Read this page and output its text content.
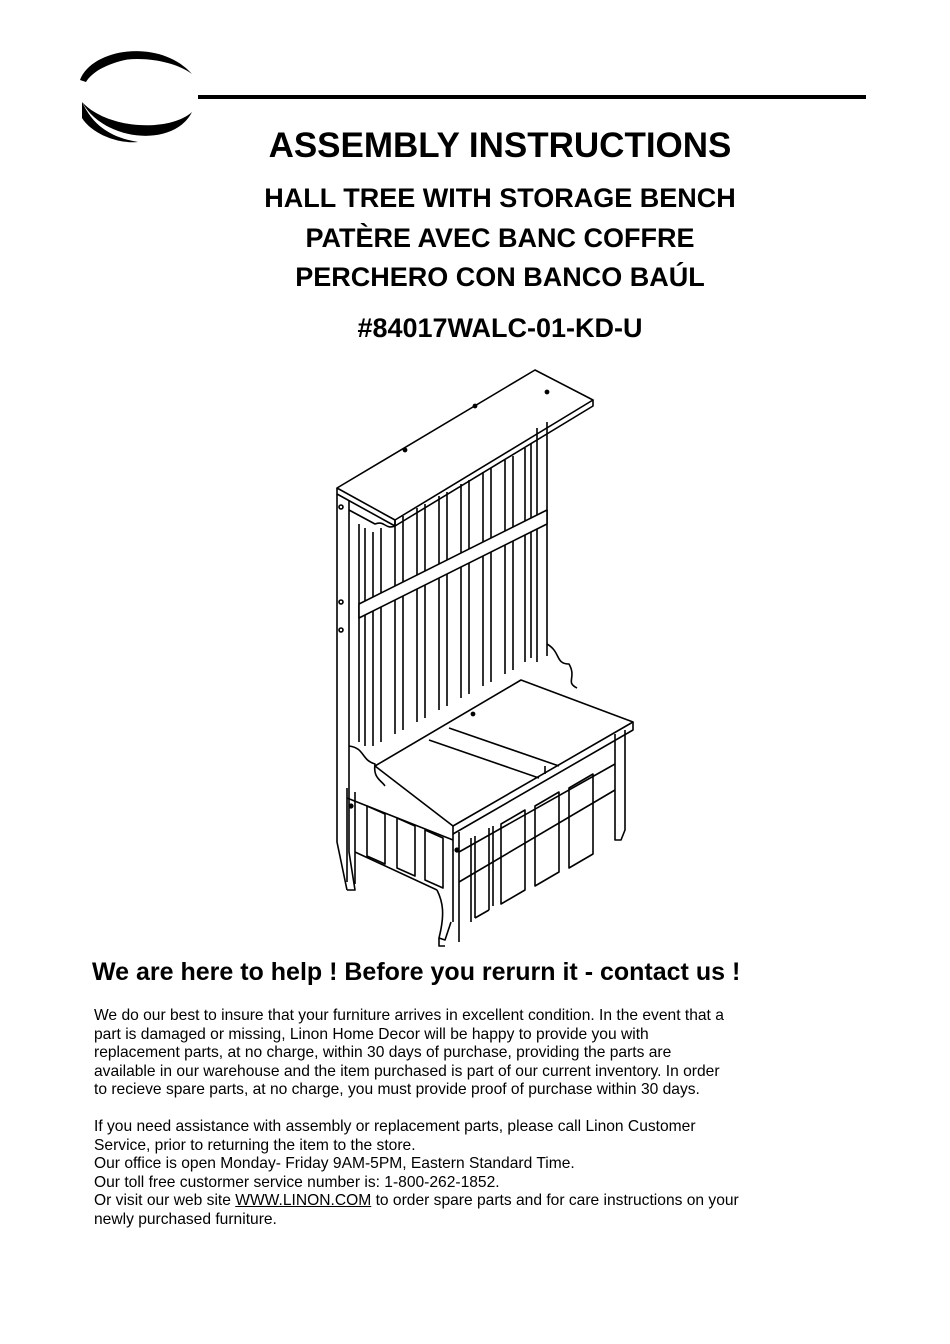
ASSEMBLY INSTRUCTIONS
HALL TREE WITH STORAGE BENCH
PATÈRE AVEC BANC COFFRE
PERCHERO CON BANCO BAÚL
#84017WALC-01-KD-U
We are here to help ! Before you rerurn it - contact us !
We do our best to insure that your furniture arrives in excellent condition. In the event that a
part is damaged or missing, Linon Home Decor will be happy to provide you with
replacement parts, at no charge, within 30 days of purchase, providing the parts are
available in our warehouse and the item purchased is part of our current inventory. In order
to recieve spare parts, at no charge, you must provide proof of purchase within 30 days.
If you need assistance with assembly or replacement parts, please call Linon Customer
Service, prior to returning the item to the store.
Our office is open Monday- Friday 9AM-5PM, Eastern Standard Time.
Our toll free custormer service number is: 1-800-262-1852.
Or visit our web site WWW.LINON.COM to order spare parts and for care instructions on your
newly purchased furniture.
